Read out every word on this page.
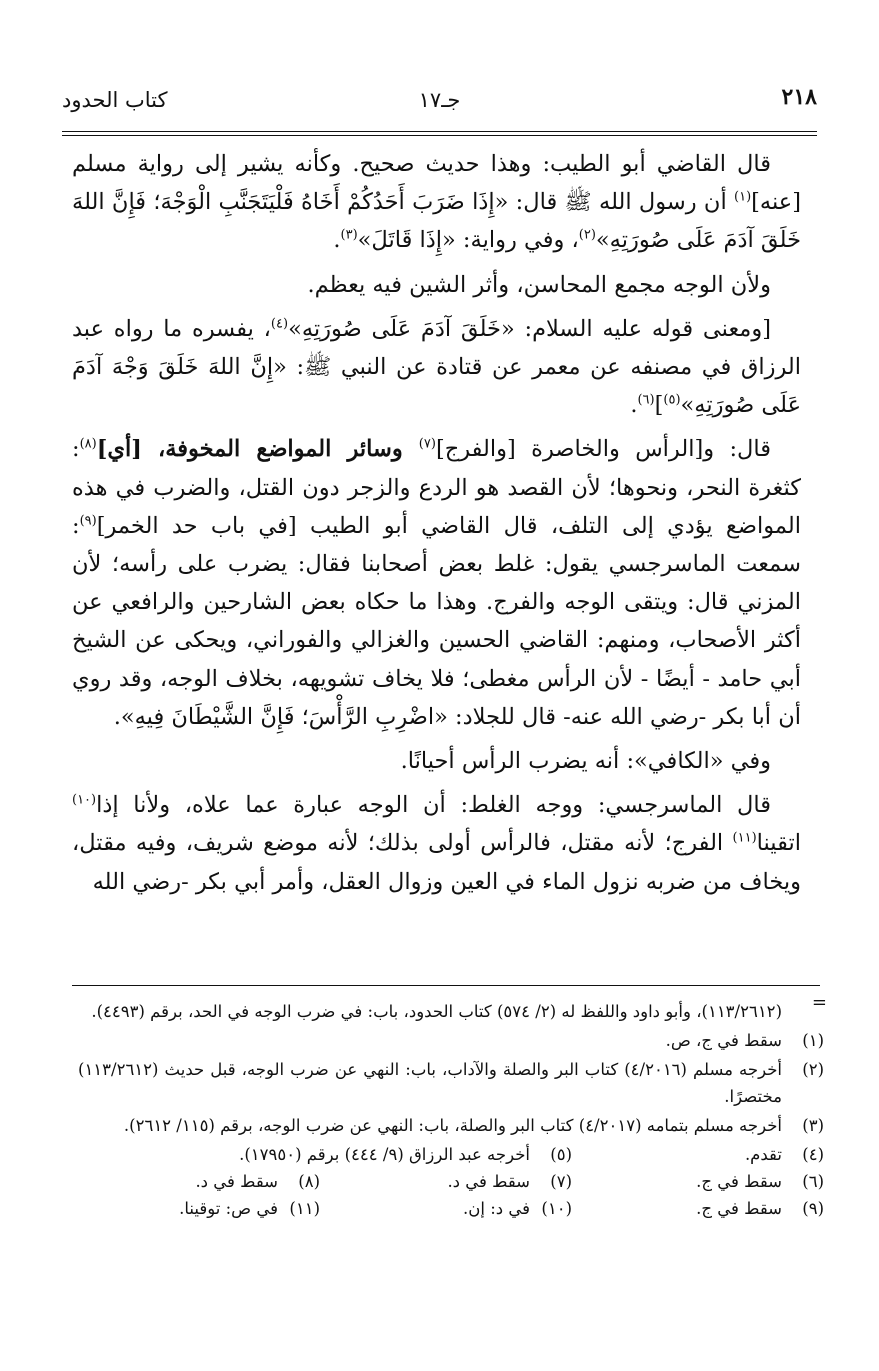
كتاب الحدود	جـ١٧	٢١٨

قال القاضي أبو الطيب: وهذا حديث صحيح. وكأنه يشير إلى رواية مسلم [عنه]$^{(١)}$ أن رسول الله ﷺ قال: «إِذَا ضَرَبَ أَحَدُكُمْ أَخَاهُ فَلْيَتَجَنَّبِ الْوَجْهَ؛ فَإِنَّ اللهَ خَلَقَ آدَمَ عَلَى صُورَتِهِ»$^{(٢)}$، وفي رواية: «إِذَا قَاتَلَ»$^{(٣)}$.

ولأن الوجه مجمع المحاسن، وأثر الشين فيه يعظم.

[ومعنى قوله عليه السلام: «خَلَقَ آدَمَ عَلَى صُورَتِهِ»$^{(٤)}$، يفسره ما رواه عبد الرزاق في مصنفه عن معمر عن قتادة عن النبي ﷺ: «إِنَّ اللهَ خَلَقَ وَجْهَ آدَمَ عَلَى صُورَتِهِ»$^{(٥)}$]$^{(٦)}$.

قال: و[الرأس والخاصرة [والفرج]$^{(٧)}$ وسائر المواضع المخوفة، [أي]$^{(٨)}$: كثغرة النحر، ونحوها؛ لأن القصد هو الردع والزجر دون القتل، والضرب في هذه المواضع يؤدي إلى التلف، قال القاضي أبو الطيب [في باب حد الخمر]$^{(٩)}$: سمعت الماسرجسي يقول: غلط بعض أصحابنا فقال: يضرب على رأسه؛ لأن المزني قال: ويتقى الوجه والفرج. وهذا ما حكاه بعض الشارحين والرافعي عن أكثر الأصحاب، ومنهم: القاضي الحسين والغزالي والفوراني، ويحكى عن الشيخ أبي حامد - أيضًا - لأن الرأس مغطى؛ فلا يخاف تشويهه، بخلاف الوجه، وقد روي أن أبا بكر -رضي الله عنه- قال للجلاد: «اضْرِبِ الرَّأْسَ؛ فَإِنَّ الشَّيْطَانَ فِيهِ».

وفي «الكافي»: أنه يضرب الرأس أحيانًا.

قال الماسرجسي: ووجه الغلط: أن الوجه عبارة عما علاه، ولأنا إذا$^{(١٠)}$ اتقينا$^{(١١)}$ الفرج؛ لأنه مقتل، فالرأس أولى بذلك؛ لأنه موضع شريف، وفيه مقتل، ويخاف من ضربه نزول الماء في العين وزوال العقل، وأمر أبي بكر -رضي الله

=
(١١٣/٢٦١٢)، وأبو داود واللفظ له (٢/ ٥٧٤) كتاب الحدود، باب: في ضرب الوجه في الحد، برقم (٤٤٩٣).
(١)
سقط في ج، ص.
(٢)
أخرجه مسلم (٤/٢٠١٦) كتاب البر والصلة والآداب، باب: النهي عن ضرب الوجه، قبل حديث (١١٣/٢٦١٢) مختصرًا.
(٣)
أخرجه مسلم بتمامه (٤/٢٠١٧) كتاب البر والصلة، باب: النهي عن ضرب الوجه، برقم (١١٥/ ٢٦١٢).
(٤)
تقدم.
(٥)
أخرجه عبد الرزاق (٩/ ٤٤٤) برقم (١٧٩٥٠).
(٦)
سقط في ج.
(٧)
سقط في د.
(٨)
سقط في د.
(٩)
سقط في ج.
(١٠)
في د: إن.
(١١)
في ص: توقينا.
